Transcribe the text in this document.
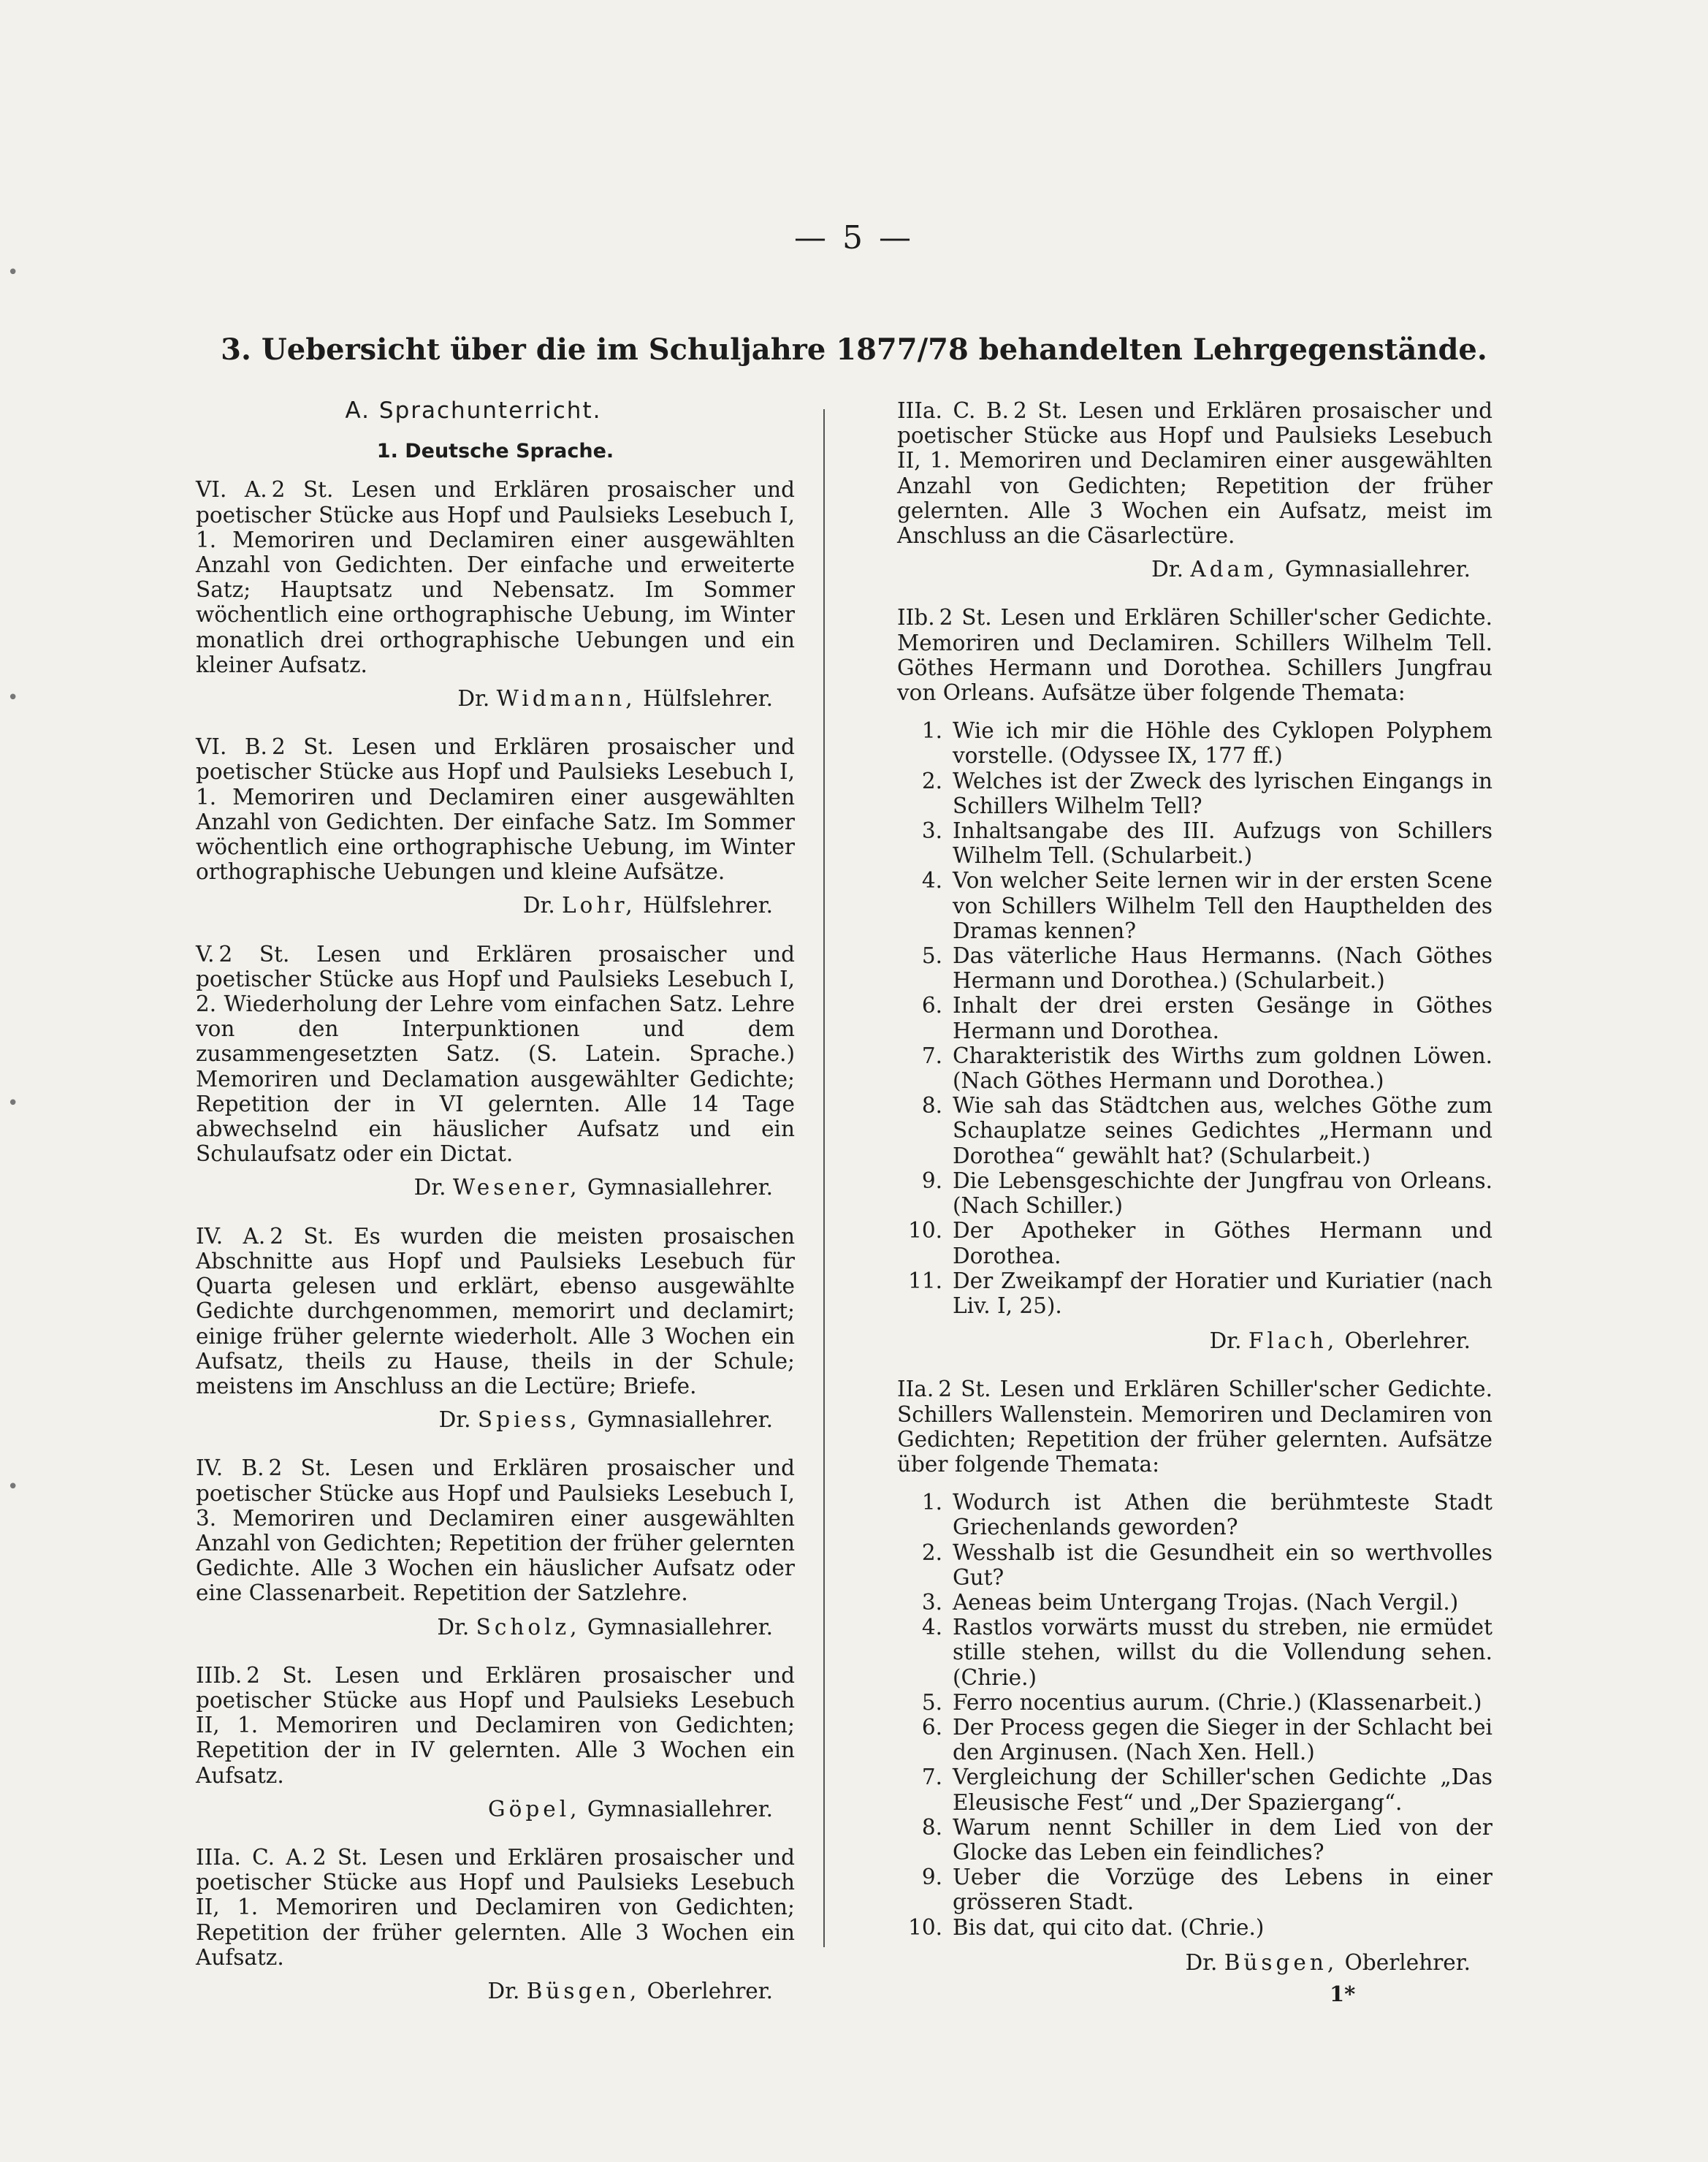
— 5 —
3. Uebersicht über die im Schuljahre 1877/78 behandelten Lehrgegenstände.
A. Sprachunterricht.
1. Deutsche Sprache.

VI. A. 2 St. Lesen und Erklären prosaischer und poetischer Stücke aus Hopf und Paulsieks Lesebuch I, 1. Memoriren und Declamiren einer ausgewählten Anzahl von Gedichten. Der einfache und erweiterte Satz; Hauptsatz und Nebensatz. Im Sommer wöchentlich eine orthographische Uebung, im Winter monatlich drei orthographische Uebungen und ein kleiner Aufsatz.

Dr. Widmann, Hülfslehrer.

VI. B. 2 St. Lesen und Erklären prosaischer und poetischer Stücke aus Hopf und Paulsieks Lesebuch I, 1. Memoriren und Declamiren einer ausgewählten Anzahl von Gedichten. Der einfache Satz. Im Sommer wöchentlich eine orthographische Uebung, im Winter orthographische Uebungen und kleine Aufsätze.

Dr. Lohr, Hülfslehrer.

V. 2 St. Lesen und Erklären prosaischer und poetischer Stücke aus Hopf und Paulsieks Lesebuch I, 2. Wiederholung der Lehre vom einfachen Satz. Lehre von den Interpunktionen und dem zusammengesetzten Satz. (S. Latein. Sprache.) Memoriren und Declamation ausgewählter Gedichte; Repetition der in VI gelernten. Alle 14 Tage abwechselnd ein häuslicher Aufsatz und ein Schulaufsatz oder ein Dictat.

Dr. Wesener, Gymnasiallehrer.

IV. A. 2 St. Es wurden die meisten prosaischen Abschnitte aus Hopf und Paulsieks Lesebuch für Quarta gelesen und erklärt, ebenso ausgewählte Gedichte durchgenommen, memorirt und declamirt; einige früher gelernte wiederholt. Alle 3 Wochen ein Aufsatz, theils zu Hause, theils in der Schule; meistens im Anschluss an die Lectüre; Briefe.

Dr. Spiess, Gymnasiallehrer.

IV. B. 2 St. Lesen und Erklären prosaischer und poetischer Stücke aus Hopf und Paulsieks Lesebuch I, 3. Memoriren und Declamiren einer ausgewählten Anzahl von Gedichten; Repetition der früher gelernten Gedichte. Alle 3 Wochen ein häuslicher Aufsatz oder eine Classenarbeit. Repetition der Satzlehre.

Dr. Scholz, Gymnasiallehrer.

IIIb. 2 St. Lesen und Erklären prosaischer und poetischer Stücke aus Hopf und Paulsieks Lesebuch II, 1. Memoriren und Declamiren von Gedichten; Repetition der in IV gelernten. Alle 3 Wochen ein Aufsatz.

Göpel, Gymnasiallehrer.

IIIa. C. A. 2 St. Lesen und Erklären prosaischer und poetischer Stücke aus Hopf und Paulsieks Lesebuch II, 1. Memoriren und Declamiren von Gedichten; Repetition der früher gelernten. Alle 3 Wochen ein Aufsatz.

Dr. Büsgen, Oberlehrer.

IIIa. C. B. 2 St. Lesen und Erklären prosaischer und poetischer Stücke aus Hopf und Paulsieks Lesebuch II, 1. Memoriren und Declamiren einer ausgewählten Anzahl von Gedichten; Repetition der früher gelernten. Alle 3 Wochen ein Aufsatz, meist im Anschluss an die Cäsarlectüre.

Dr. Adam, Gymnasiallehrer.

IIb. 2 St. Lesen und Erklären Schiller'scher Gedichte. Memoriren und Declamiren. Schillers Wilhelm Tell. Göthes Hermann und Dorothea. Schillers Jungfrau von Orleans. Aufsätze über folgende Themata:

1. Wie ich mir die Höhle des Cyklopen Polyphem vorstelle. (Odyssee IX, 177 ff.)
2. Welches ist der Zweck des lyrischen Eingangs in Schillers Wilhelm Tell?
3. Inhaltsangabe des III. Aufzugs von Schillers Wilhelm Tell. (Schularbeit.)
4. Von welcher Seite lernen wir in der ersten Scene von Schillers Wilhelm Tell den Haupthelden des Dramas kennen?
5. Das väterliche Haus Hermanns. (Nach Göthes Hermann und Dorothea.) (Schularbeit.)
6. Inhalt der drei ersten Gesänge in Göthes Hermann und Dorothea.
7. Charakteristik des Wirths zum goldnen Löwen. (Nach Göthes Hermann und Dorothea.)
8. Wie sah das Städtchen aus, welches Göthe zum Schauplatze seines Gedichtes „Hermann und Dorothea“ gewählt hat? (Schularbeit.)
9. Die Lebensgeschichte der Jungfrau von Orleans. (Nach Schiller.)
10. Der Apotheker in Göthes Hermann und Dorothea.
11. Der Zweikampf der Horatier und Kuriatier (nach Liv. I, 25).
Dr. Flach, Oberlehrer.

IIa. 2 St. Lesen und Erklären Schiller'scher Gedichte. Schillers Wallenstein. Memoriren und Declamiren von Gedichten; Repetition der früher gelernten. Aufsätze über folgende Themata:

1. Wodurch ist Athen die berühmteste Stadt Griechenlands geworden?
2. Wesshalb ist die Gesundheit ein so werthvolles Gut?
3. Aeneas beim Untergang Trojas. (Nach Vergil.)
4. Rastlos vorwärts musst du streben, nie ermüdet stille stehen, willst du die Vollendung sehen. (Chrie.)
5. Ferro nocentius aurum. (Chrie.) (Klassenarbeit.)
6. Der Process gegen die Sieger in der Schlacht bei den Arginusen. (Nach Xen. Hell.)
7. Vergleichung der Schiller'schen Gedichte „Das Eleusische Fest“ und „Der Spaziergang“.
8. Warum nennt Schiller in dem Lied von der Glocke das Leben ein feindliches?
9. Ueber die Vorzüge des Lebens in einer grösseren Stadt.
10. Bis dat, qui cito dat. (Chrie.)
Dr. Büsgen, Oberlehrer.
1*
•
•
•
•
